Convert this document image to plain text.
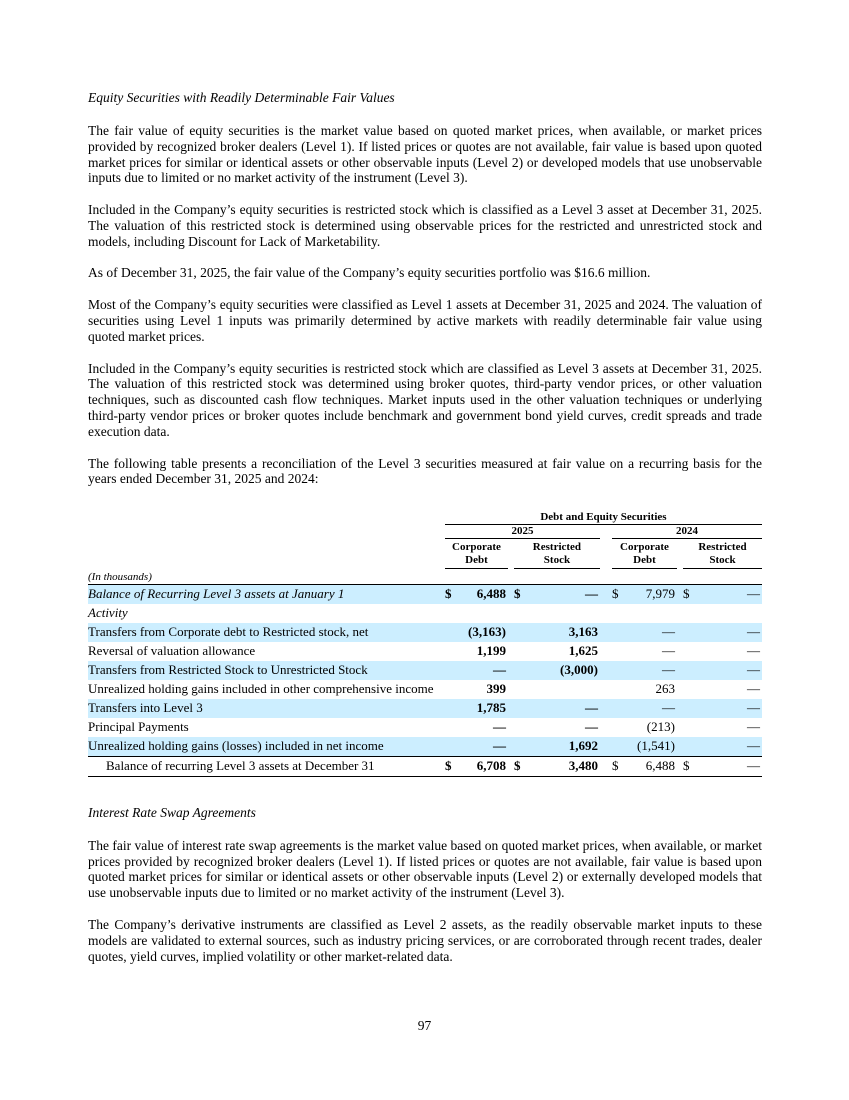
Equity Securities with Readily Determinable Fair Values

The fair value of equity securities is the market value based on quoted market prices, when available, or market prices provided by recognized broker dealers (Level 1). If listed prices or quotes are not available, fair value is based upon quoted market prices for similar or identical assets or other observable inputs (Level 2) or developed models that use unobservable inputs due to limited or no market activity of the instrument (Level 3).

Included in the Company’s equity securities is restricted stock which is classified as a Level 3 asset at December 31, 2025. The valuation of this restricted stock is determined using observable prices for the restricted and unrestricted stock and models, including Discount for Lack of Marketability.

As of December 31, 2025, the fair value of the Company’s equity securities portfolio was $16.6 million.

Most of the Company’s equity securities were classified as Level 1 assets at December 31, 2025 and 2024. The valuation of securities using Level 1 inputs was primarily determined by active markets with readily determinable fair value using quoted market prices.

Included in the Company’s equity securities is restricted stock which are classified as Level 3 assets at December 31, 2025. The valuation of this restricted stock was determined using broker quotes, third-party vendor prices, or other valuation techniques, such as discounted cash flow techniques. Market inputs used in the other valuation techniques or underlying third-party vendor prices or broker quotes include benchmark and government bond yield curves, credit spreads and trade execution data.

The following table presents a reconciliation of the Level 3 securities measured at fair value on a recurring basis for the years ended December 31, 2025 and 2024:

		Debt and Equity Securities										
		2025						2024				

		Corporate Debt			Restricted Stock			Corporate Debt			Restricted Stock	

(In thousands)												
Balance of Recurring Level 3 assets at January 1		$	6,488		$	—		$	7,979		$	—
Activity												
Transfers from Corporate debt to Restricted stock, net			(3,163)			3,163			—			—
Reversal of valuation allowance			1,199			1,625			—			—
Transfers from Restricted Stock to Unrestricted Stock			—			(3,000)			—			—
Unrealized holding gains included in other comprehensive income			399						263			—
Transfers into Level 3			1,785			—			—			—
Principal Payments			—			—			(213)			—
Unrealized holding gains (losses) included in net income			—			1,692			(1,541)			—
Balance of recurring Level 3 assets at December 31		$	6,708		$	3,480		$	6,488		$	—
Interest Rate Swap Agreements

The fair value of interest rate swap agreements is the market value based on quoted market prices, when available, or market prices provided by recognized broker dealers (Level 1). If listed prices or quotes are not available, fair value is based upon quoted market prices for similar or identical assets or other observable inputs (Level 2) or externally developed models that use unobservable inputs due to limited or no market activity of the instrument (Level 3).

The Company’s derivative instruments are classified as Level 2 assets, as the readily observable market inputs to these models are validated to external sources, such as industry pricing services, or are corroborated through recent trades, dealer quotes, yield curves, implied volatility or other market-related data.

97
